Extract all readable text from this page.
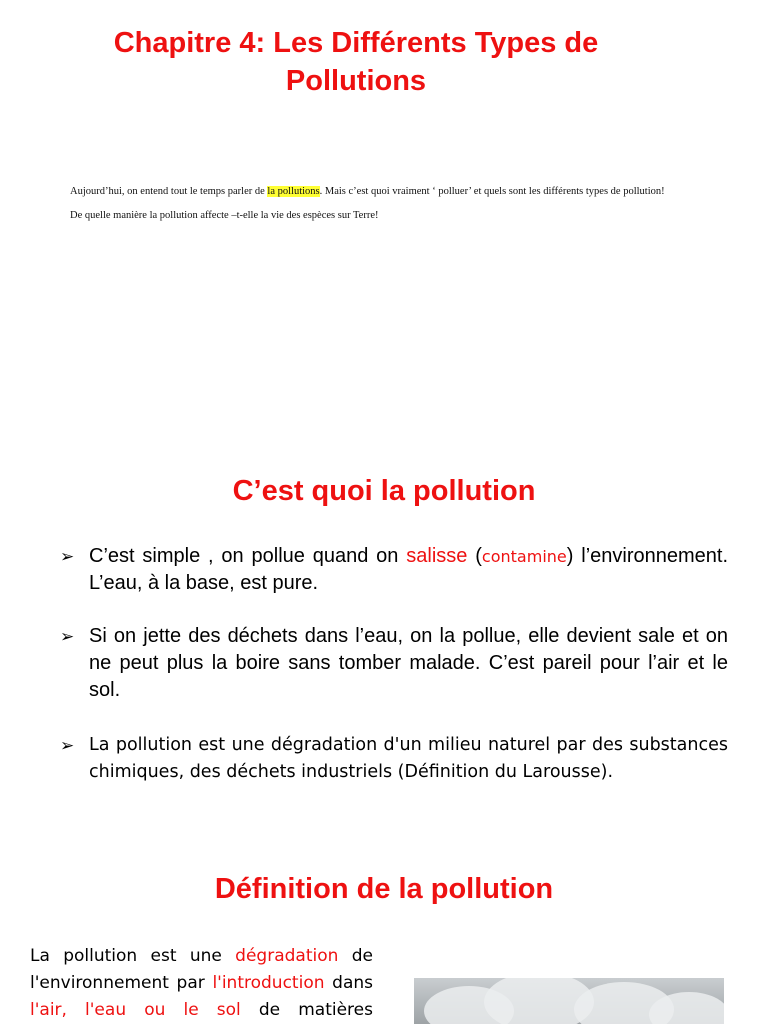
Chapitre 4: Les Différents Types de Pollutions
Aujourd’hui, on entend tout le temps parler de la pollutions. Mais c’est quoi vraiment ‘ polluer’ et quels sont les différents types de pollution!
De quelle manière la pollution affecte –t-elle la vie des espèces sur Terre!
C’est quoi la pollution
➢ C’est simple , on pollue quand on salisse (contamine) l’environnement. L’eau, à la base, est pure.
➢ Si on jette des déchets dans l’eau, on la pollue, elle devient sale et on ne peut plus la boire sans tomber malade. C’est pareil pour l’air et le sol.
➢ La pollution est une dégradation d'un milieu naturel par des substances chimiques, des déchets industriels (Définition du Larousse).
Définition de la pollution
La pollution est une dégradation de l'environnement par l'introduction dans l'air, l'eau ou le sol de matières
